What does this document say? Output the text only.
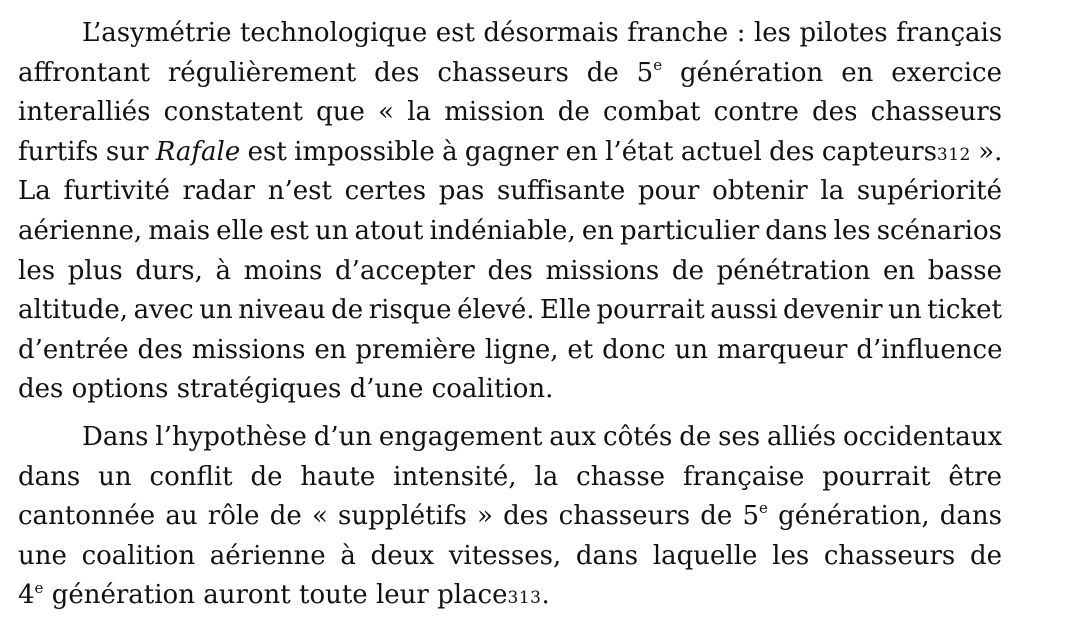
L’asymétrie technologique est désormais franche : les pilotes français
affrontant régulièrement des chasseurs de 5e génération en exercice
interalliés constatent que « la mission de combat contre des chasseurs
furtifs sur Rafale est impossible à gagner en l’état actuel des capteurs312 ».
La furtivité radar n’est certes pas suffisante pour obtenir la supériorité
aérienne, mais elle est un atout indéniable, en particulier dans les scénarios
les plus durs, à moins d’accepter des missions de pénétration en basse
altitude, avec un niveau de risque élevé. Elle pourrait aussi devenir un ticket
d’entrée des missions en première ligne, et donc un marqueur d’influence
des options stratégiques d’une coalition.
Dans l’hypothèse d’un engagement aux côtés de ses alliés occidentaux
dans un conflit de haute intensité, la chasse française pourrait être
cantonnée au rôle de « supplétifs » des chasseurs de 5e génération, dans
une coalition aérienne à deux vitesses, dans laquelle les chasseurs de
4e génération auront toute leur place313.
